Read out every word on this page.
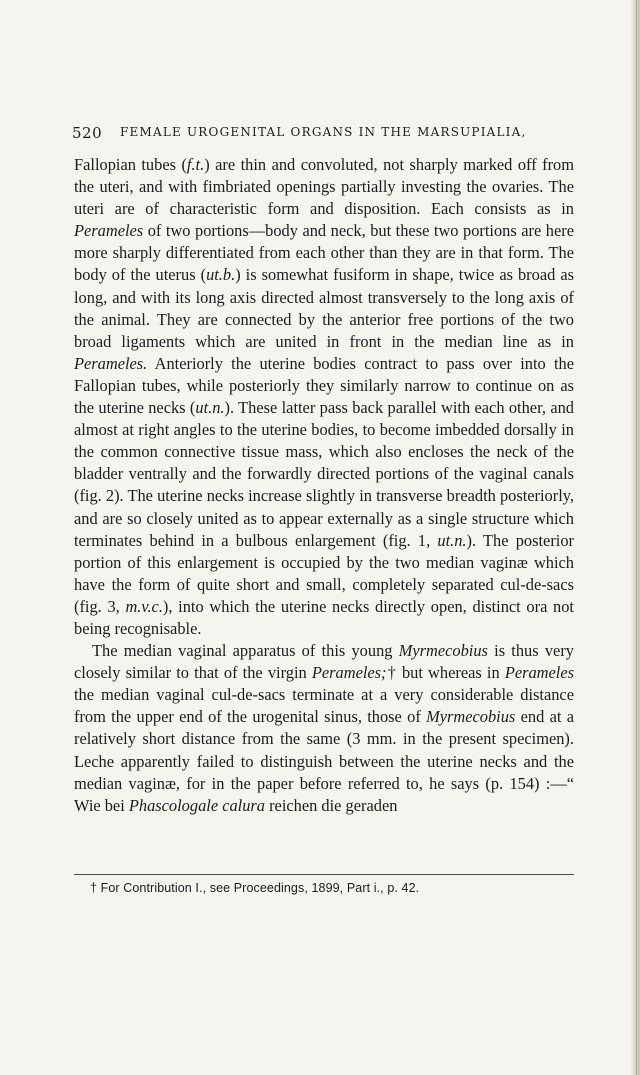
520 FEMALE UROGENITAL ORGANS IN THE MARSUPIALIA,

Fallopian tubes (f.t.) are thin and convoluted, not sharply marked off from the uteri, and with fimbriated openings partially investing the ovaries. The uteri are of characteristic form and disposition. Each consists as in Perameles of two portions—body and neck, but these two portions are here more sharply differentiated from each other than they are in that form. The body of the uterus (ut.b.) is somewhat fusiform in shape, twice as broad as long, and with its long axis directed almost transversely to the long axis of the animal. They are connected by the anterior free portions of the two broad ligaments which are united in front in the median line as in Perameles. Anteriorly the uterine bodies contract to pass over into the Fallopian tubes, while posteriorly they similarly narrow to continue on as the uterine necks (ut.n.). These latter pass back parallel with each other, and almost at right angles to the uterine bodies, to become imbedded dorsally in the common connective tissue mass, which also encloses the neck of the bladder ventrally and the forwardly directed portions of the vaginal canals (fig. 2). The uterine necks increase slightly in transverse breadth posteriorly, and are so closely united as to appear externally as a single structure which terminates behind in a bulbous enlargement (fig. 1, ut.n.). The posterior portion of this enlargement is occupied by the two median vaginæ which have the form of quite short and small, completely separated cul-de-sacs (fig. 3, m.v.c.), into which the uterine necks directly open, distinct ora not being recognisable.

The median vaginal apparatus of this young Myrmecobius is thus very closely similar to that of the virgin Perameles;† but whereas in Perameles the median vaginal cul-de-sacs terminate at a very considerable distance from the upper end of the urogenital sinus, those of Myrmecobius end at a relatively short distance from the same (3 mm. in the present specimen). Leche apparently failed to distinguish between the uterine necks and the median vaginæ, for in the paper before referred to, he says (p. 154) :—“ Wie bei Phascologale calura reichen die geraden

† For Contribution I., see Proceedings, 1899, Part i., p. 42.
